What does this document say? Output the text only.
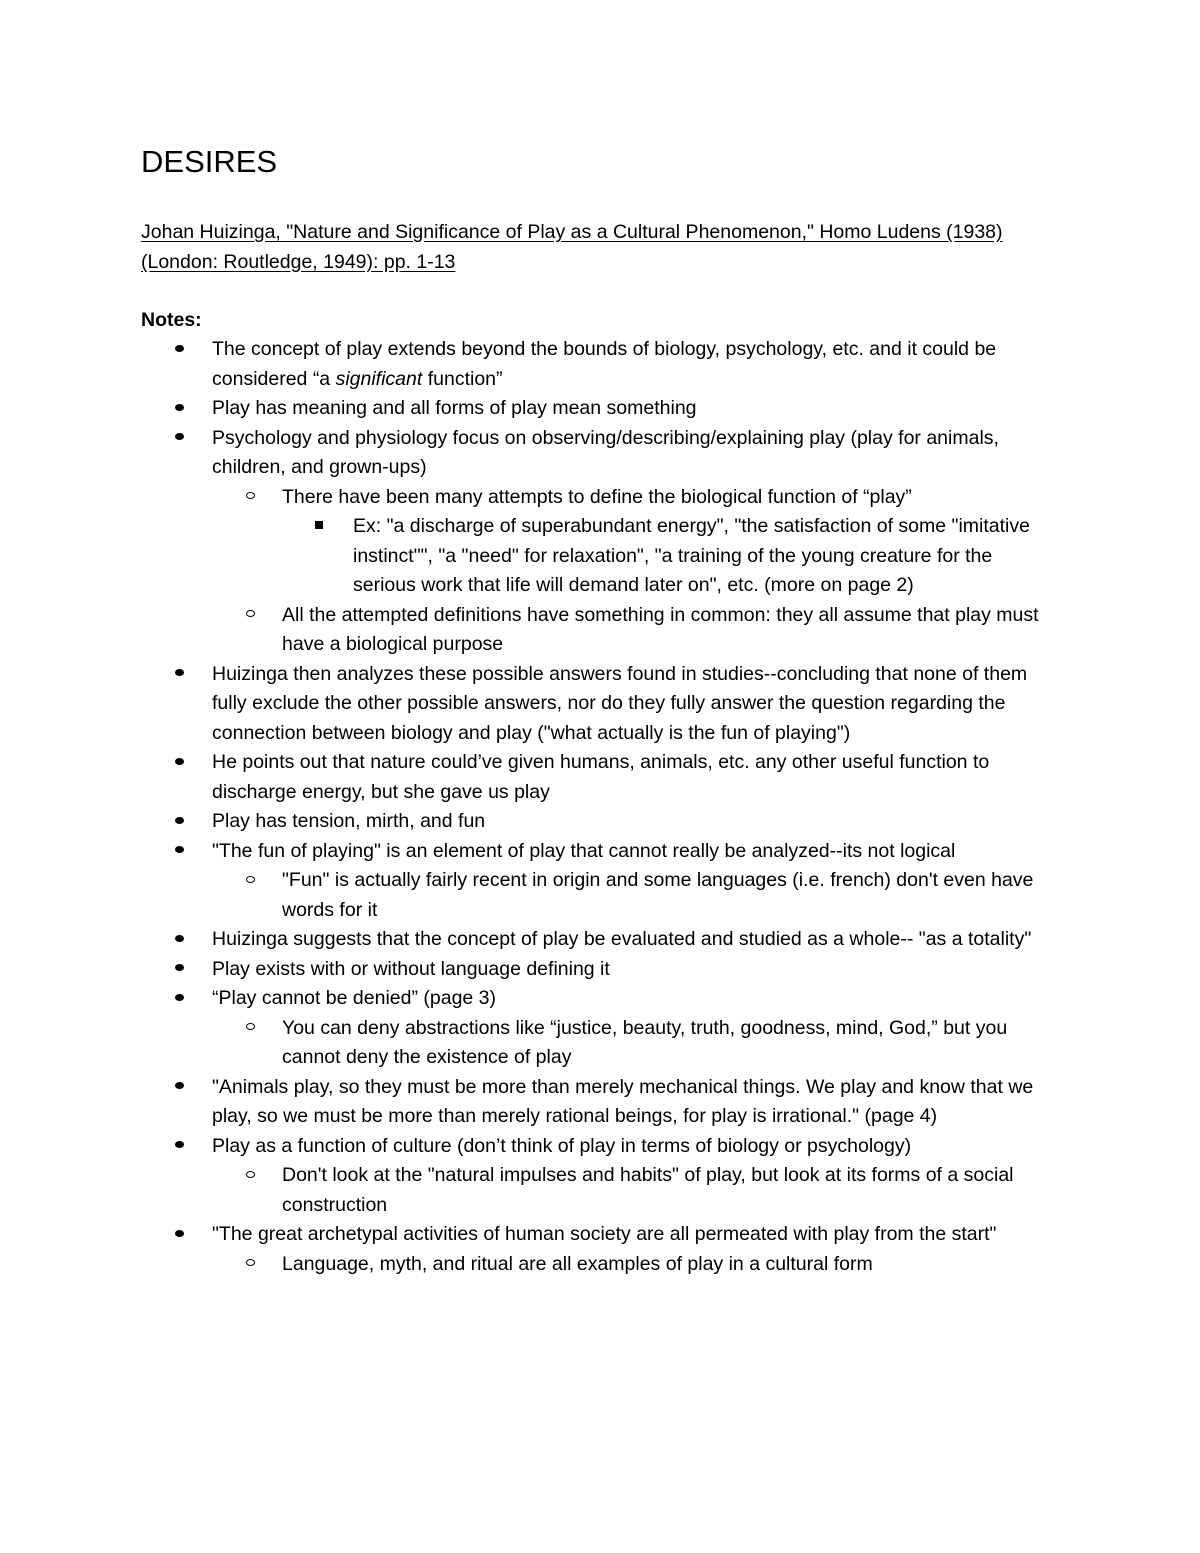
DESIRES
Johan Huizinga, "Nature and Significance of Play as a Cultural Phenomenon," Homo Ludens (1938) (London: Routledge, 1949): pp. 1-13
Notes:
The concept of play extends beyond the bounds of biology, psychology, etc. and it could be considered “a significant function”
Play has meaning and all forms of play mean something
Psychology and physiology focus on observing/describing/explaining play (play for animals, children, and grown-ups)
There have been many attempts to define the biological function of “play”
Ex: "a discharge of superabundant energy", "the satisfaction of some "imitative instinct"", "a "need" for relaxation", "a training of the young creature for the serious work that life will demand later on", etc. (more on page 2)
All the attempted definitions have something in common: they all assume that play must have a biological purpose
Huizinga then analyzes these possible answers found in studies--concluding that none of them fully exclude the other possible answers, nor do they fully answer the question regarding the connection between biology and play ("what actually is the fun of playing")
He points out that nature could’ve given humans, animals, etc. any other useful function to discharge energy, but she gave us play
Play has tension, mirth, and fun
"The fun of playing" is an element of play that cannot really be analyzed--its not logical
"Fun" is actually fairly recent in origin and some languages (i.e. french) don't even have words for it
Huizinga suggests that the concept of play be evaluated and studied as a whole-- "as a totality"
Play exists with or without language defining it
“Play cannot be denied” (page 3)
You can deny abstractions like “justice, beauty, truth, goodness, mind, God,” but you cannot deny the existence of play
"Animals play, so they must be more than merely mechanical things. We play and know that we play, so we must be more than merely rational beings, for play is irrational." (page 4)
Play as a function of culture (don’t think of play in terms of biology or psychology)
Don't look at the "natural impulses and habits" of play, but look at its forms of a social construction
"The great archetypal activities of human society are all permeated with play from the start"
Language, myth, and ritual are all examples of play in a cultural form
